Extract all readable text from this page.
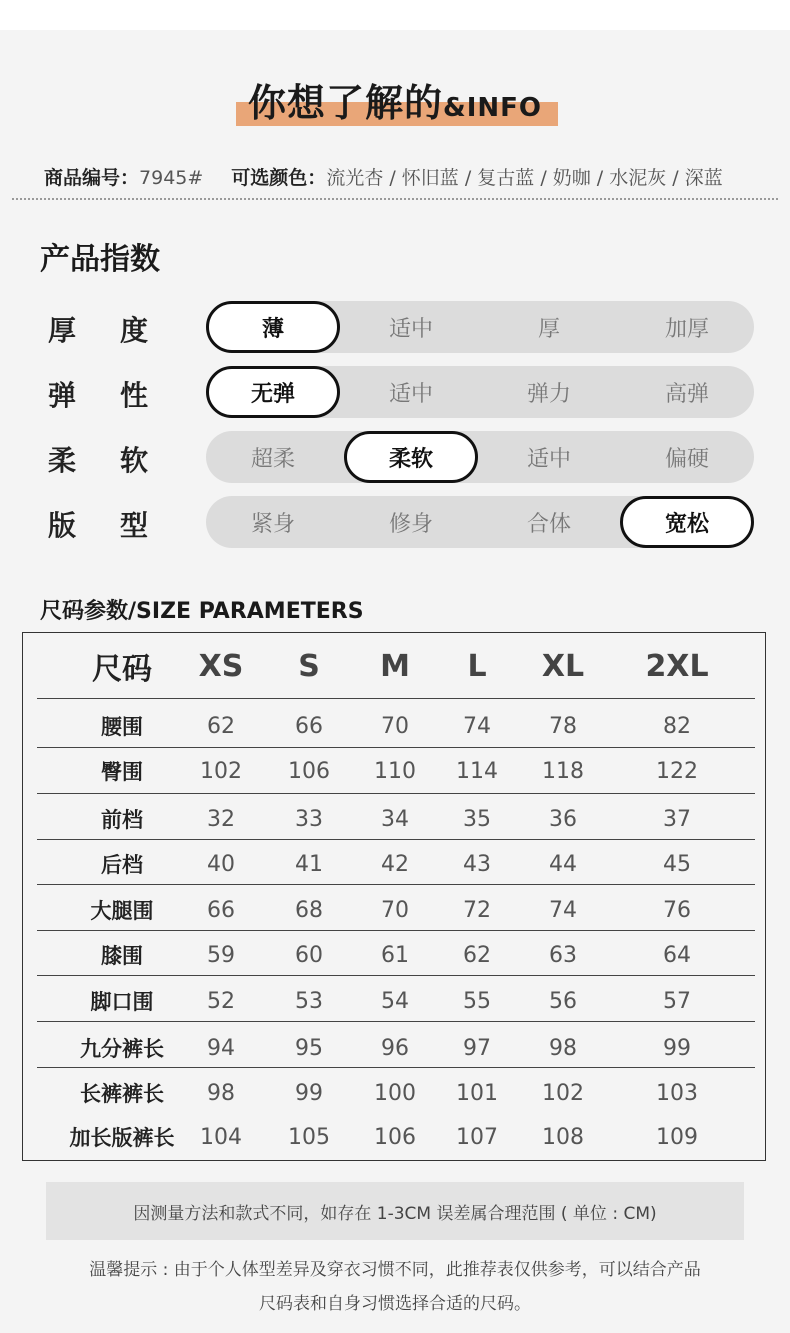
你想了解的&INFO
商品编号：7945# 可选颜色：流光杏 / 怀旧蓝 / 复古蓝 / 奶咖 / 水泥灰 / 深蓝
产品指数
厚 度	薄	适中	厚	加厚
弹 性	无弹	适中	弹力	高弹
柔 软	超柔	柔软	适中	偏硬
版 型	紧身	修身	合体	宽松
尺码参数/SIZE PARAMETERS
尺码	XS	S	M	L	XL	2XL
腰围	62	66	70	74	78	82
臀围	102	106	110	114	118	122
前档	32	33	34	35	36	37
后档	40	41	42	43	44	45
大腿围	66	68	70	72	74	76
膝围	59	60	61	62	63	64
脚口围	52	53	54	55	56	57
九分裤长	94	95	96	97	98	99
长裤裤长	98	99	100	101	102	103
加长版裤长	104	105	106	107	108	109
因测量方法和款式不同，如存在 1-3CM 误差属合理范围 ( 单位 : CM)
温馨提示 : 由于个人体型差异及穿衣习惯不同，此推荐表仅供参考，可以结合产品
尺码表和自身习惯选择合适的尺码。
